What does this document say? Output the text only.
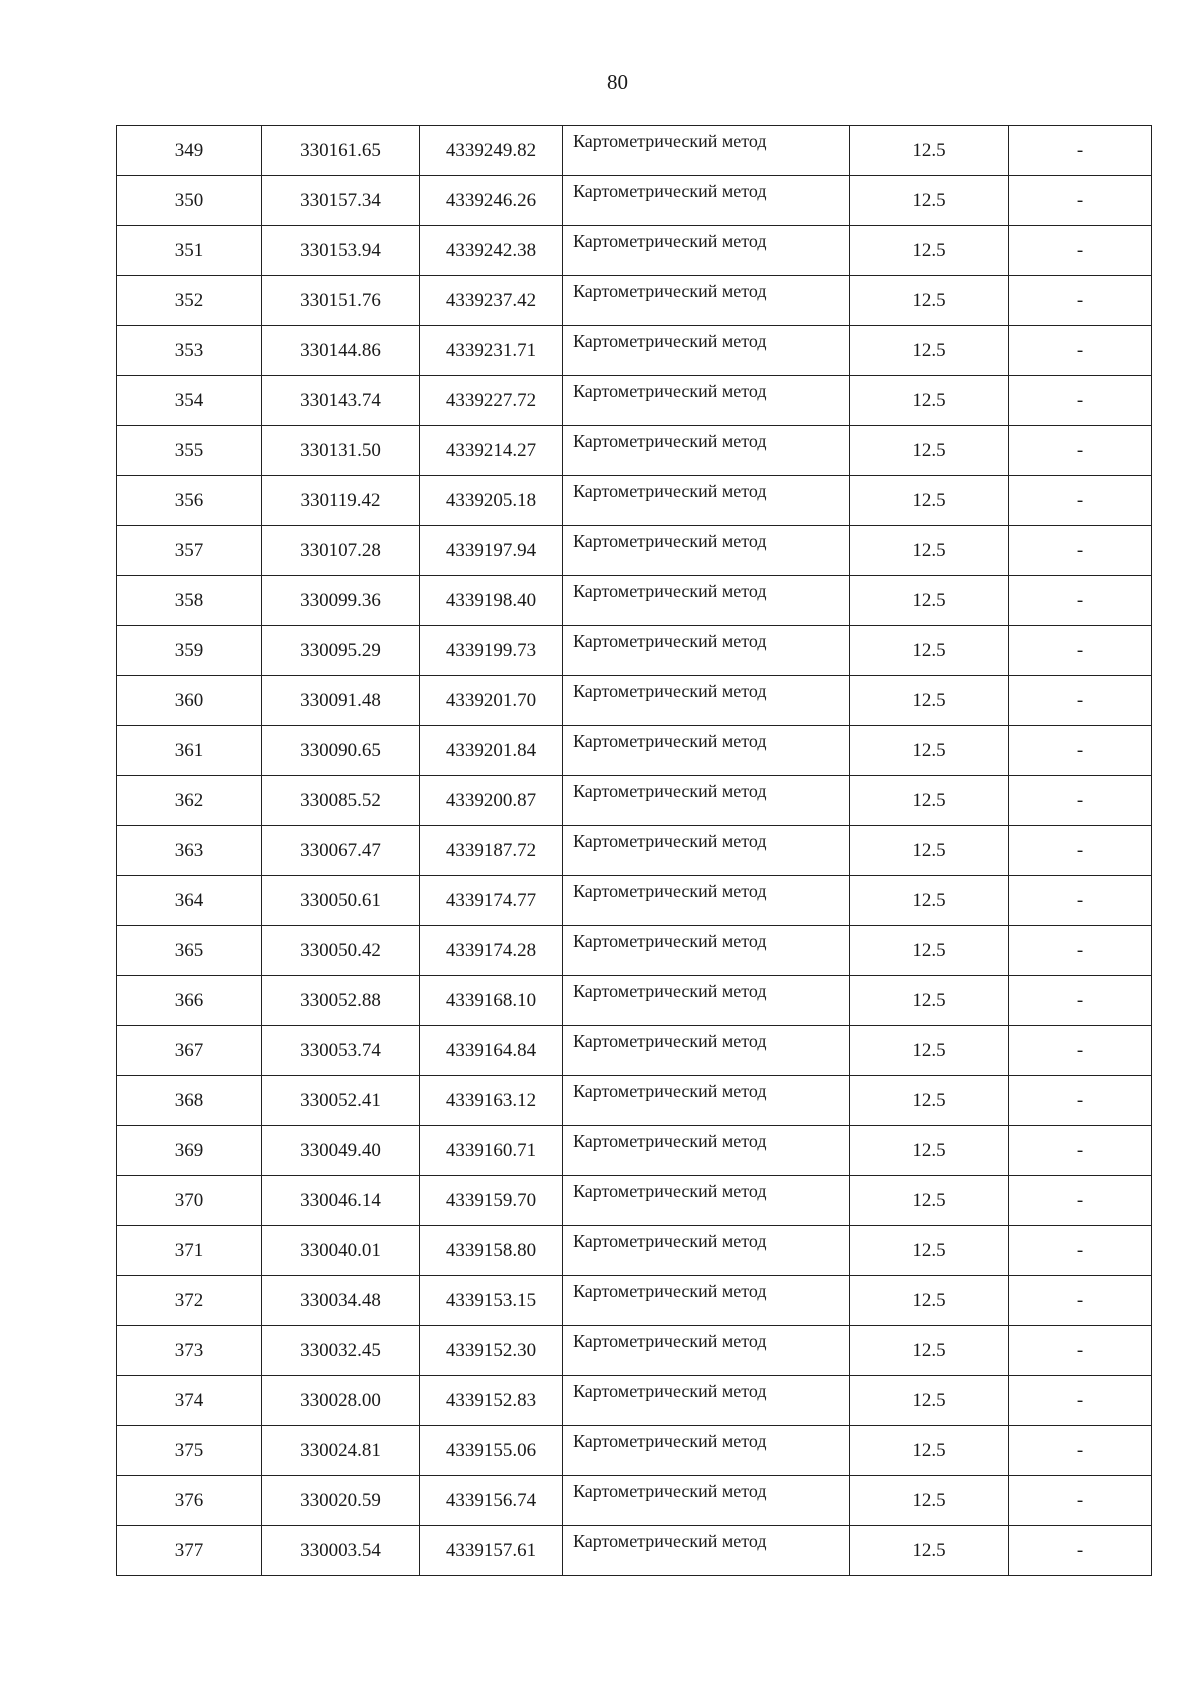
80
349	330161.65	4339249.82	Картометрический метод	12.5	-
350	330157.34	4339246.26	Картометрический метод	12.5	-
351	330153.94	4339242.38	Картометрический метод	12.5	-
352	330151.76	4339237.42	Картометрический метод	12.5	-
353	330144.86	4339231.71	Картометрический метод	12.5	-
354	330143.74	4339227.72	Картометрический метод	12.5	-
355	330131.50	4339214.27	Картометрический метод	12.5	-
356	330119.42	4339205.18	Картометрический метод	12.5	-
357	330107.28	4339197.94	Картометрический метод	12.5	-
358	330099.36	4339198.40	Картометрический метод	12.5	-
359	330095.29	4339199.73	Картометрический метод	12.5	-
360	330091.48	4339201.70	Картометрический метод	12.5	-
361	330090.65	4339201.84	Картометрический метод	12.5	-
362	330085.52	4339200.87	Картометрический метод	12.5	-
363	330067.47	4339187.72	Картометрический метод	12.5	-
364	330050.61	4339174.77	Картометрический метод	12.5	-
365	330050.42	4339174.28	Картометрический метод	12.5	-
366	330052.88	4339168.10	Картометрический метод	12.5	-
367	330053.74	4339164.84	Картометрический метод	12.5	-
368	330052.41	4339163.12	Картометрический метод	12.5	-
369	330049.40	4339160.71	Картометрический метод	12.5	-
370	330046.14	4339159.70	Картометрический метод	12.5	-
371	330040.01	4339158.80	Картометрический метод	12.5	-
372	330034.48	4339153.15	Картометрический метод	12.5	-
373	330032.45	4339152.30	Картометрический метод	12.5	-
374	330028.00	4339152.83	Картометрический метод	12.5	-
375	330024.81	4339155.06	Картометрический метод	12.5	-
376	330020.59	4339156.74	Картометрический метод	12.5	-
377	330003.54	4339157.61	Картометрический метод	12.5	-
